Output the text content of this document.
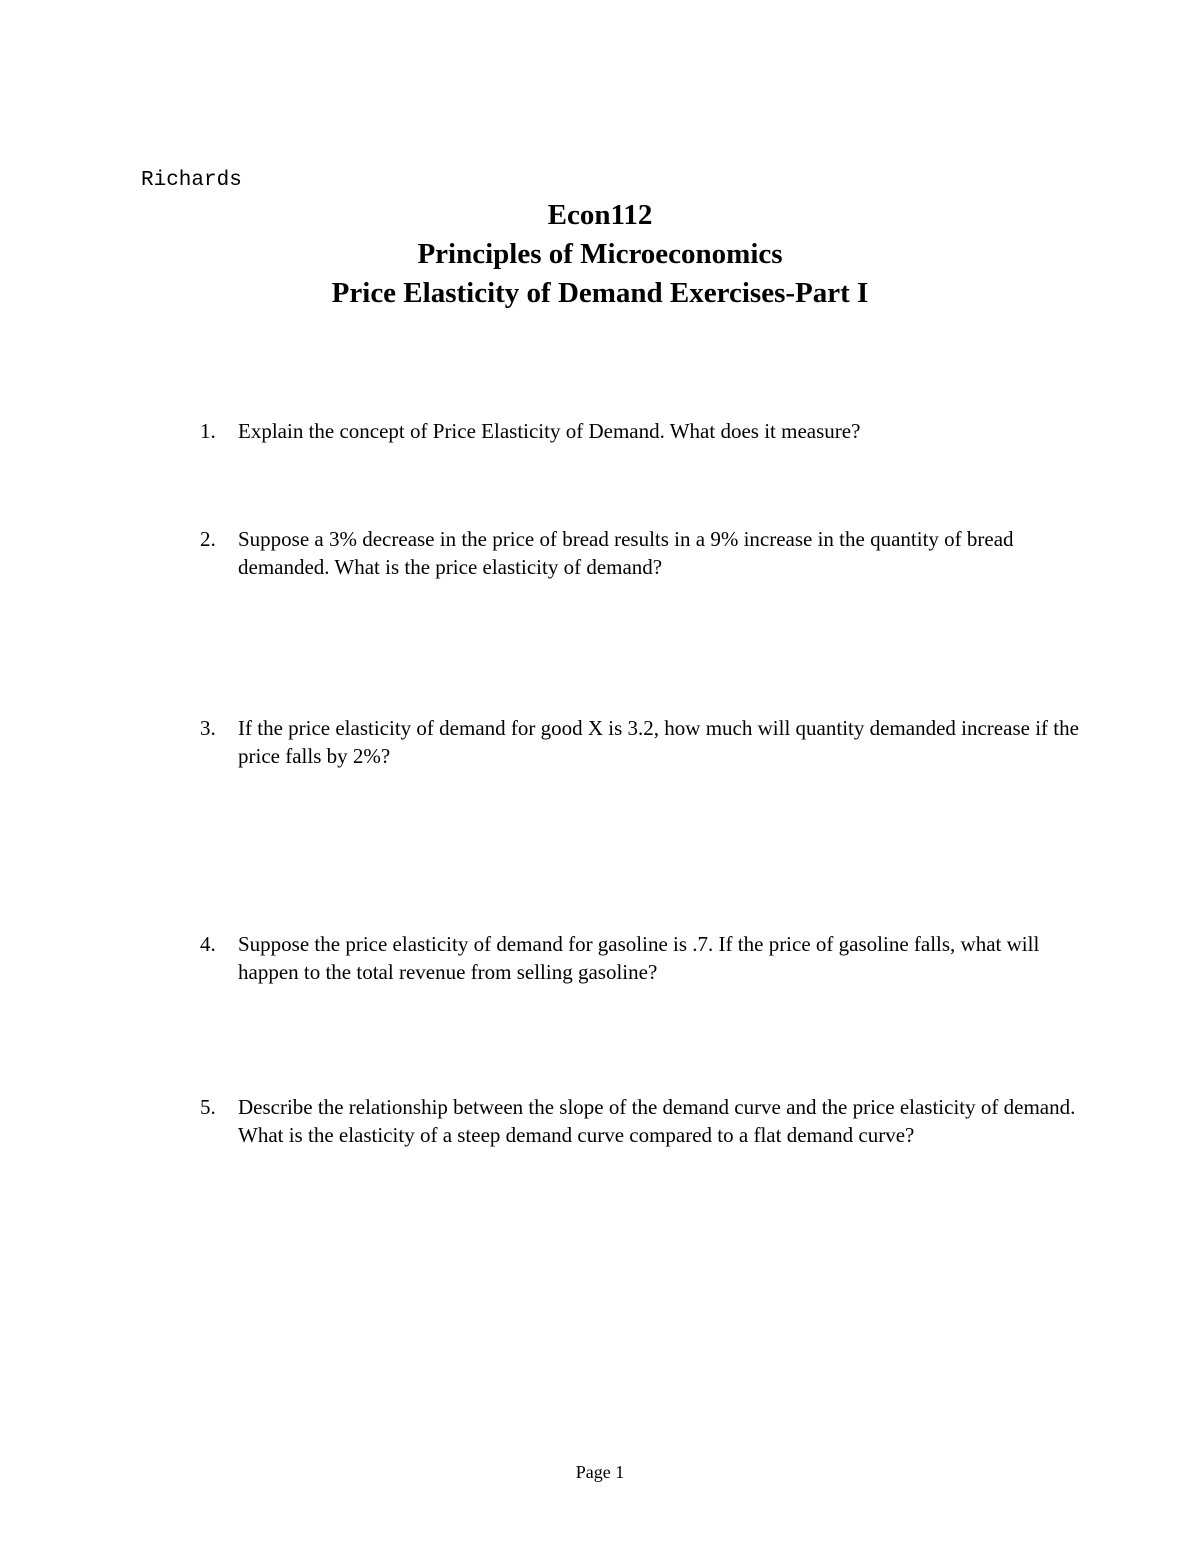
Richards

Econ112

Principles of Microeconomics

Price Elasticity of Demand Exercises-Part I

1.	Explain the concept of Price Elasticity of Demand. What does it measure?
2.	Suppose a 3% decrease in the price of bread results in a 9% increase in the quantity of bread demanded. What is the price elasticity of demand?
3.	If the price elasticity of demand for good X is 3.2, how much will quantity demanded increase if the price falls by 2%?
4.	Suppose the price elasticity of demand for gasoline is .7. If the price of gasoline falls, what will happen to the total revenue from selling gasoline?
5.	Describe the relationship between the slope of the demand curve and the price elasticity of demand. What is the elasticity of a steep demand curve compared to a flat demand curve?

Page 1
